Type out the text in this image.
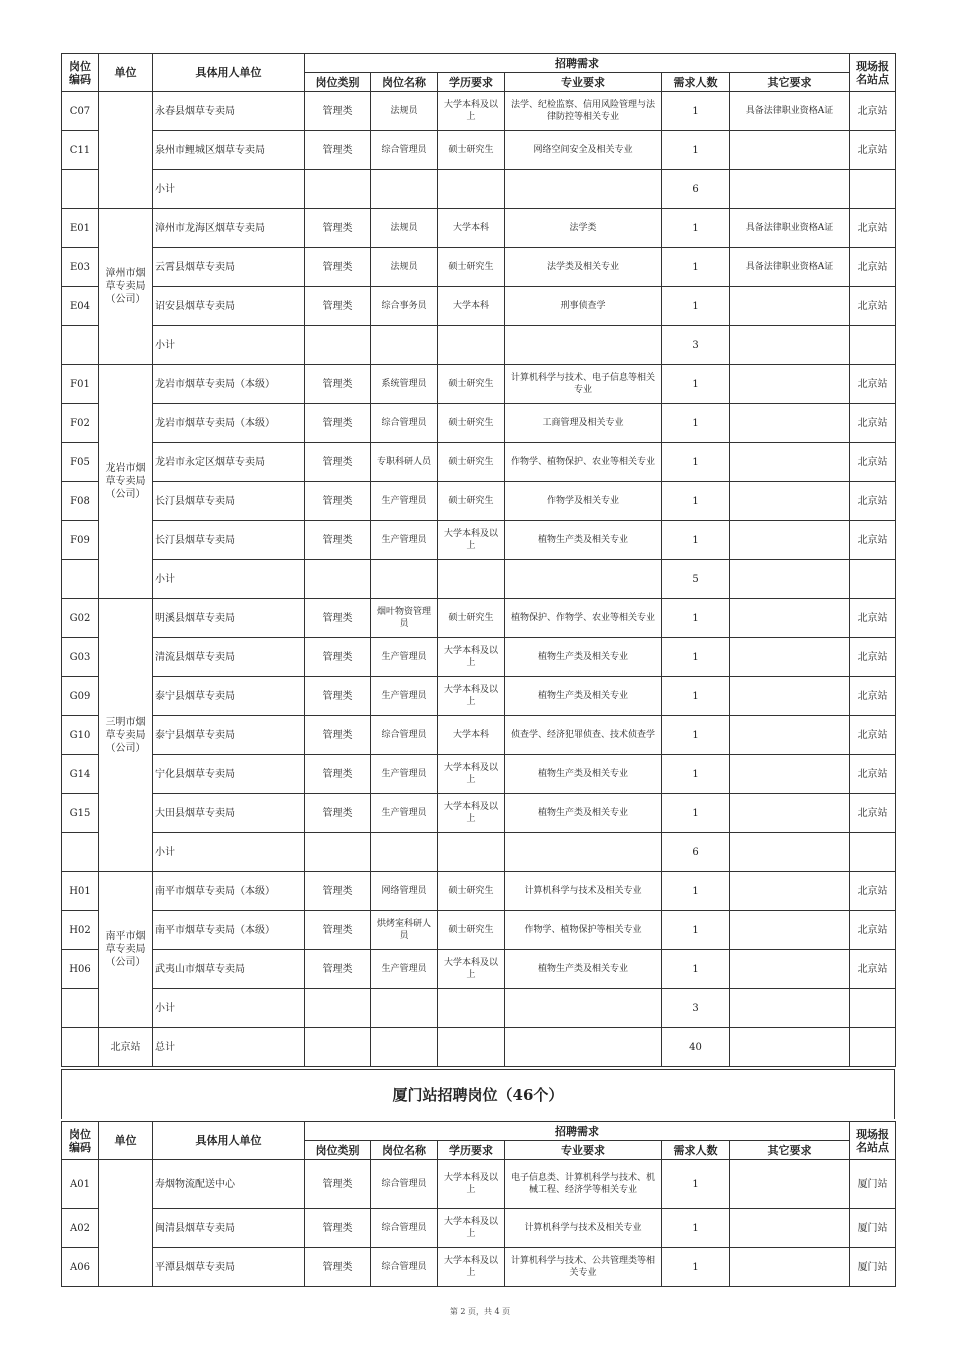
岗位编码	单位	具体用人单位	招聘需求						现场报名站点
			岗位类别	岗位名称	学历要求	专业要求	需求人数	其它要求	
C07		永春县烟草专卖局	管理类	法规员	大学本科及以上	法学、纪检监察、信用风险管理与法律防控等相关专业	1	具备法律职业资格A证	北京站
C11		泉州市鲤城区烟草专卖局	管理类	综合管理员	硕士研究生	网络空间安全及相关专业	1		北京站
		小计					6		
E01	漳州市烟草专卖局（公司）	漳州市龙海区烟草专卖局	管理类	法规员	大学本科	法学类	1	具备法律职业资格A证	北京站
E03		云霄县烟草专卖局	管理类	法规员	硕士研究生	法学类及相关专业	1	具备法律职业资格A证	北京站
E04		诏安县烟草专卖局	管理类	综合事务员	大学本科	刑事侦查学	1		北京站
		小计					3		
F01	龙岩市烟草专卖局（公司）	龙岩市烟草专卖局（本级）	管理类	系统管理员	硕士研究生	计算机科学与技术、电子信息等相关专业	1		北京站
F02		龙岩市烟草专卖局（本级）	管理类	综合管理员	硕士研究生	工商管理及相关专业	1		北京站
F05		龙岩市永定区烟草专卖局	管理类	专职科研人员	硕士研究生	作物学、植物保护、农业等相关专业	1		北京站
F08		长汀县烟草专卖局	管理类	生产管理员	硕士研究生	作物学及相关专业	1		北京站
F09		长汀县烟草专卖局	管理类	生产管理员	大学本科及以上	植物生产类及相关专业	1		北京站
		小计					5		
G02	三明市烟草专卖局（公司）	明溪县烟草专卖局	管理类	烟叶物资管理员	硕士研究生	植物保护、作物学、农业等相关专业	1		北京站
G03		清流县烟草专卖局	管理类	生产管理员	大学本科及以上	植物生产类及相关专业	1		北京站
G09		泰宁县烟草专卖局	管理类	生产管理员	大学本科及以上	植物生产类及相关专业	1		北京站
G10		泰宁县烟草专卖局	管理类	综合管理员	大学本科	侦查学、经济犯罪侦查、技术侦查学	1		北京站
G14		宁化县烟草专卖局	管理类	生产管理员	大学本科及以上	植物生产类及相关专业	1		北京站
G15		大田县烟草专卖局	管理类	生产管理员	大学本科及以上	植物生产类及相关专业	1		北京站
		小计					6		
H01	南平市烟草专卖局（公司）	南平市烟草专卖局（本级）	管理类	网络管理员	硕士研究生	计算机科学与技术及相关专业	1		北京站
H02		南平市烟草专卖局（本级）	管理类	烘烤室科研人员	硕士研究生	作物学、植物保护等相关专业	1		北京站
H06		武夷山市烟草专卖局	管理类	生产管理员	大学本科及以上	植物生产类及相关专业	1		北京站
		小计					3		
	北京站	总计					40		
厦门站招聘岗位（46个）
岗位编码	单位	具体用人单位	招聘需求						现场报名站点
			岗位类别	岗位名称	学历要求	专业要求	需求人数	其它要求	
A01		寿烟物流配送中心	管理类	综合管理员	大学本科及以上	电子信息类、计算机科学与技术、机械工程、经济学等相关专业	1		厦门站
A02		闽清县烟草专卖局	管理类	综合管理员	大学本科及以上	计算机科学与技术及相关专业	1		厦门站
A06		平潭县烟草专卖局	管理类	综合管理员	大学本科及以上	计算机科学与技术、公共管理类等相关专业	1		厦门站
第 2 页，共 4 页
